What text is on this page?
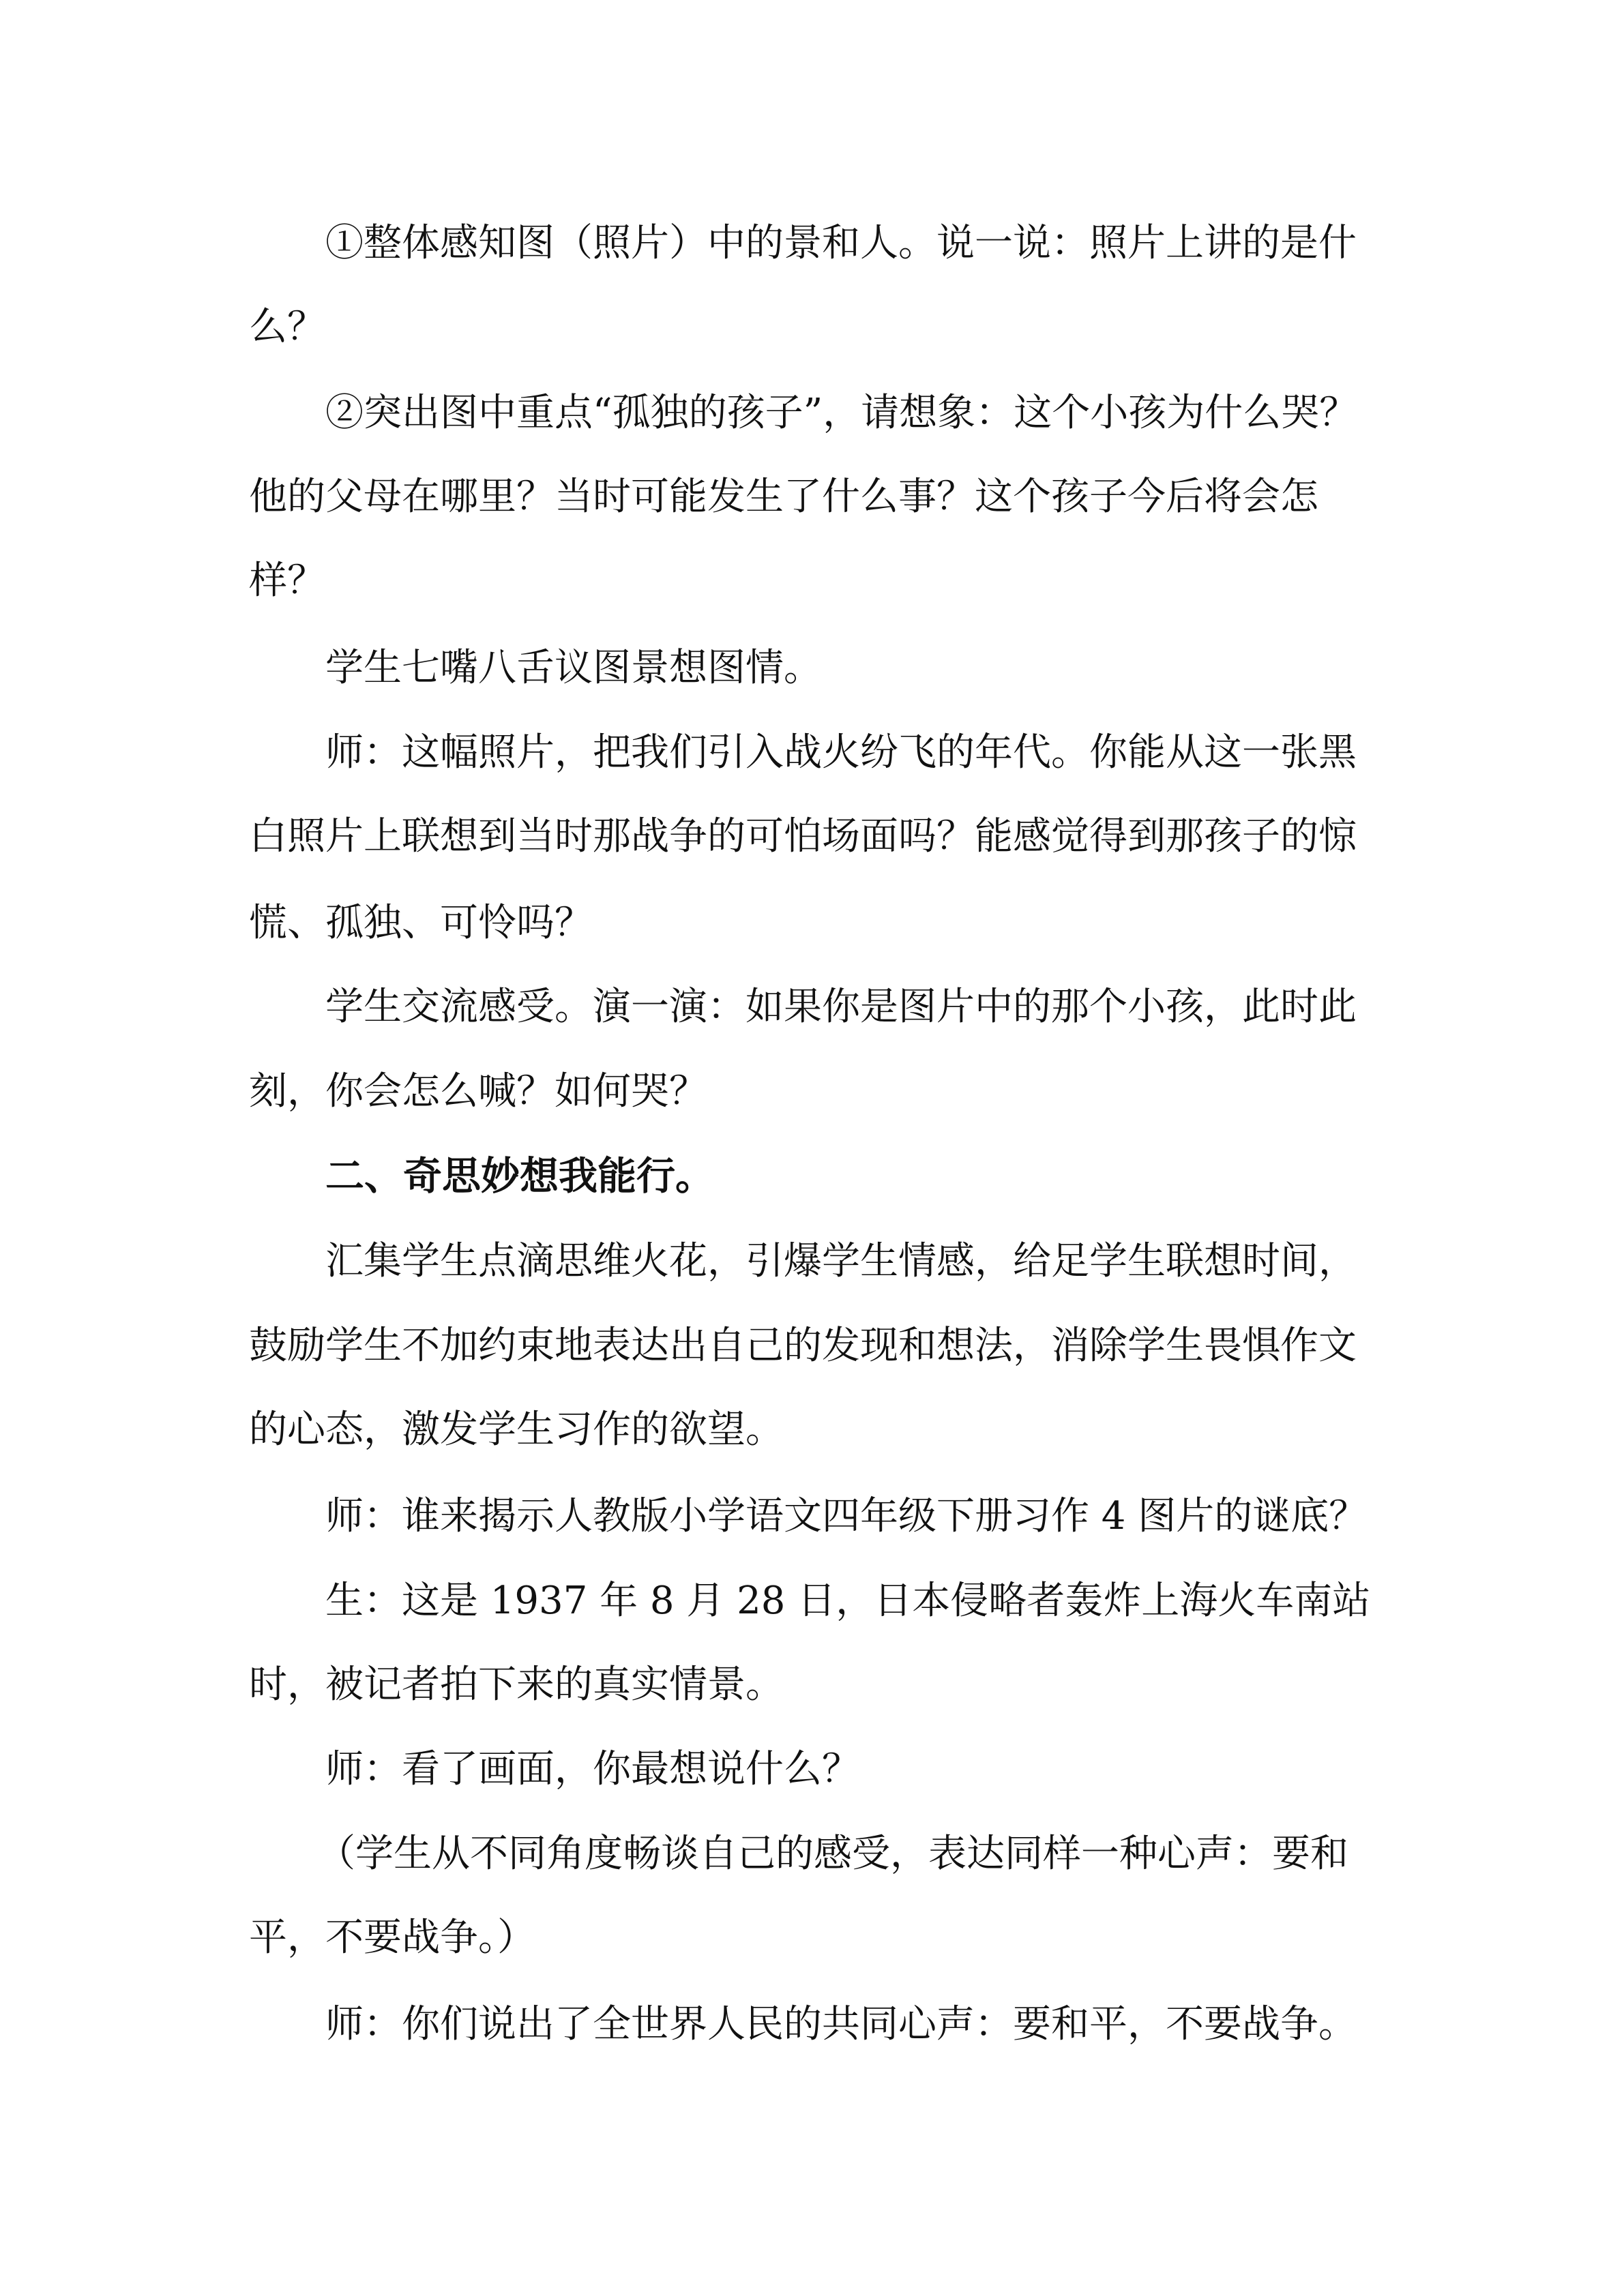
①整体感知图（照片）中的景和人。说一说：照片上讲的是什
么？
②突出图中重点“孤独的孩子”，请想象：这个小孩为什么哭？
他的父母在哪里？当时可能发生了什么事？这个孩子今后将会怎
样？
学生七嘴八舌议图景想图情。
师：这幅照片，把我们引入战火纷飞的年代。你能从这一张黑
白照片上联想到当时那战争的可怕场面吗？能感觉得到那孩子的惊
慌、孤独、可怜吗？
学生交流感受。演一演：如果你是图片中的那个小孩，此时此
刻，你会怎么喊？如何哭？
二、奇思妙想我能行。
汇集学生点滴思维火花，引爆学生情感，给足学生联想时间，
鼓励学生不加约束地表达出自己的发现和想法，消除学生畏惧作文
的心态，激发学生习作的欲望。
师：谁来揭示人教版小学语文四年级下册习作 4 图片的谜底？
生：这是 1937 年 8 月 28 日，日本侵略者轰炸上海火车南站
时，被记者拍下来的真实情景。
师：看了画面，你最想说什么？
（学生从不同角度畅谈自己的感受，表达同样一种心声：要和
平，不要战争。）
师：你们说出了全世界人民的共同心声：要和平，不要战争。
